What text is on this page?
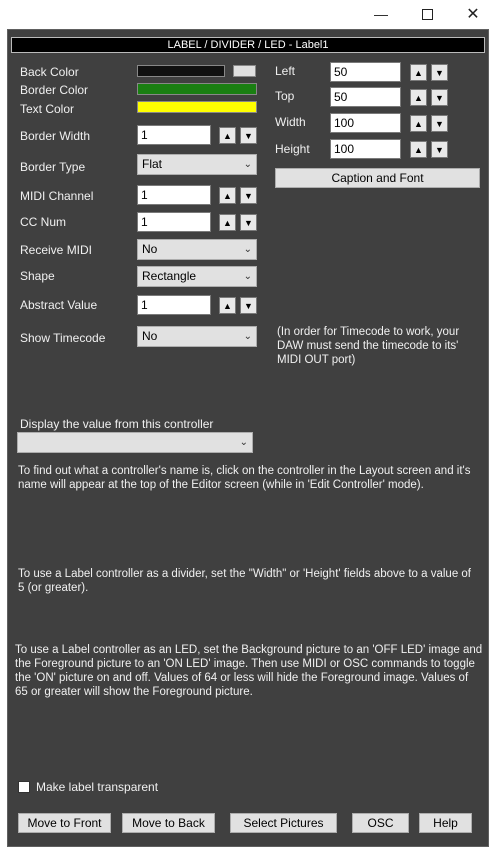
—	✕
LABEL / DIVIDER / LED - Label1
Back Color
Border Color
Text Color
Border Width	1	▲	▼
Border Type	Flat	⌄
MIDI Channel	1	▲	▼
CC Num	1	▲	▼
Receive MIDI	No	⌄
Shape	Rectangle	⌄
Abstract Value	1	▲	▼
Show Timecode	No	⌄
Left	50	▲	▼
Top	50	▲	▼
Width	100	▲	▼
Height	100	▲	▼
Caption and Font
(In order for Timecode to work, your DAW must send the timecode to its' MIDI OUT port)
Display the value from this controller
⌄
To find out what a controller's name is, click on the controller in the Layout screen and it's name will appear at the top of the Editor screen (while in 'Edit Controller' mode).
To use a Label controller as a divider, set the "Width" or 'Height' fields above to a value of 5 (or greater).
To use a Label controller as an LED, set the Background picture to an 'OFF LED' image and the Foreground picture to an 'ON LED' image. Then use MIDI or OSC commands to toggle the 'ON' picture on and off. Values of 64 or less will hide the Foreground image. Values of 65 or greater will show the Foreground picture.
Make label transparent
Move to Front	Move to Back	Select Pictures	OSC	Help
